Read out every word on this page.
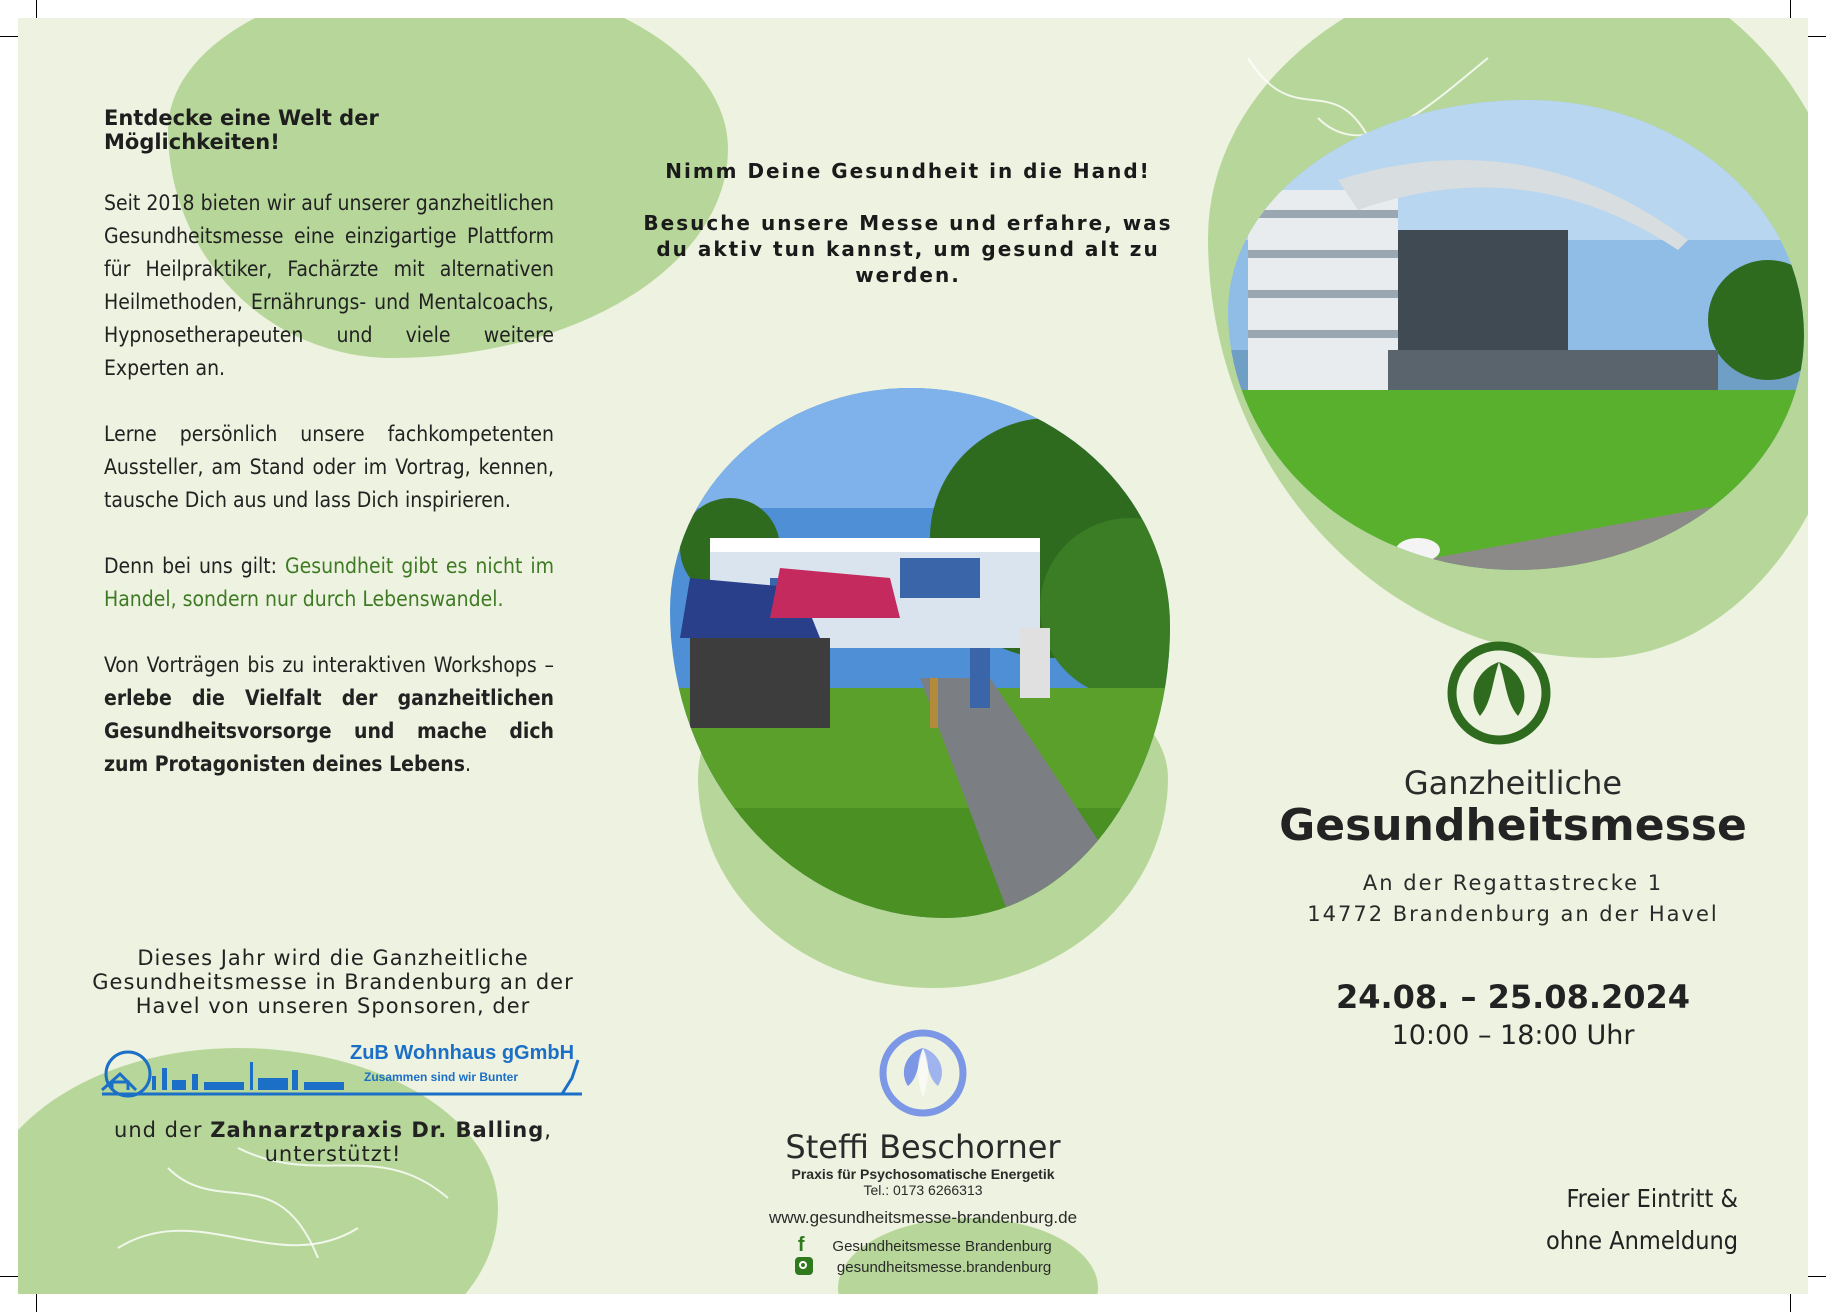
Entdecke eine Welt der Möglichkeiten!

Seit 2018 bieten wir auf unserer ganzheitlichen Gesundheitsmesse eine einzigartige Plattform für Heilpraktiker, Fachärzte mit alternativen Heilmethoden, Ernährungs- und Mentalcoachs, Hypnosetherapeuten und viele weitere Experten an.

Lerne persönlich unsere fachkompetenten Aussteller, am Stand oder im Vortrag, kennen, tausche Dich aus und lass Dich inspirieren.

Denn bei uns gilt: Gesundheit gibt es nicht im Handel, sondern nur durch Lebenswandel.

Von Vorträgen bis zu interaktiven Workshops – erlebe die Vielfalt der ganzheitlichen Gesundheitsvorsorge und mache dich zum Protagonisten deines Lebens.

Dieses Jahr wird die Ganzheitliche Gesundheitsmesse in Brandenburg an der Havel von unseren Sponsoren, der
ZuB Wohnhaus gGmbH
Zusammen sind wir Bunter
und der Zahnarztpraxis Dr. Balling, unterstützt!
Nimm Deine Gesundheit in die Hand!
Besuche unsere Messe und erfahre, was du aktiv tun kannst, um gesund alt zu werden.
Steffi Beschorner
Praxis für Psychosomatische Energetik
Tel.: 0173 6266313
www.gesundheitsmesse-brandenburg.de
f Gesundheitsmesse Brandenburg  gesundheitsmesse.brandenburg
Ganzheitliche
Gesundheitsmesse
An der Regattastrecke 1
14772 Brandenburg an der Havel
24.08. – 25.08.2024
10:00 – 18:00 Uhr
Freier Eintritt &
ohne Anmeldung
